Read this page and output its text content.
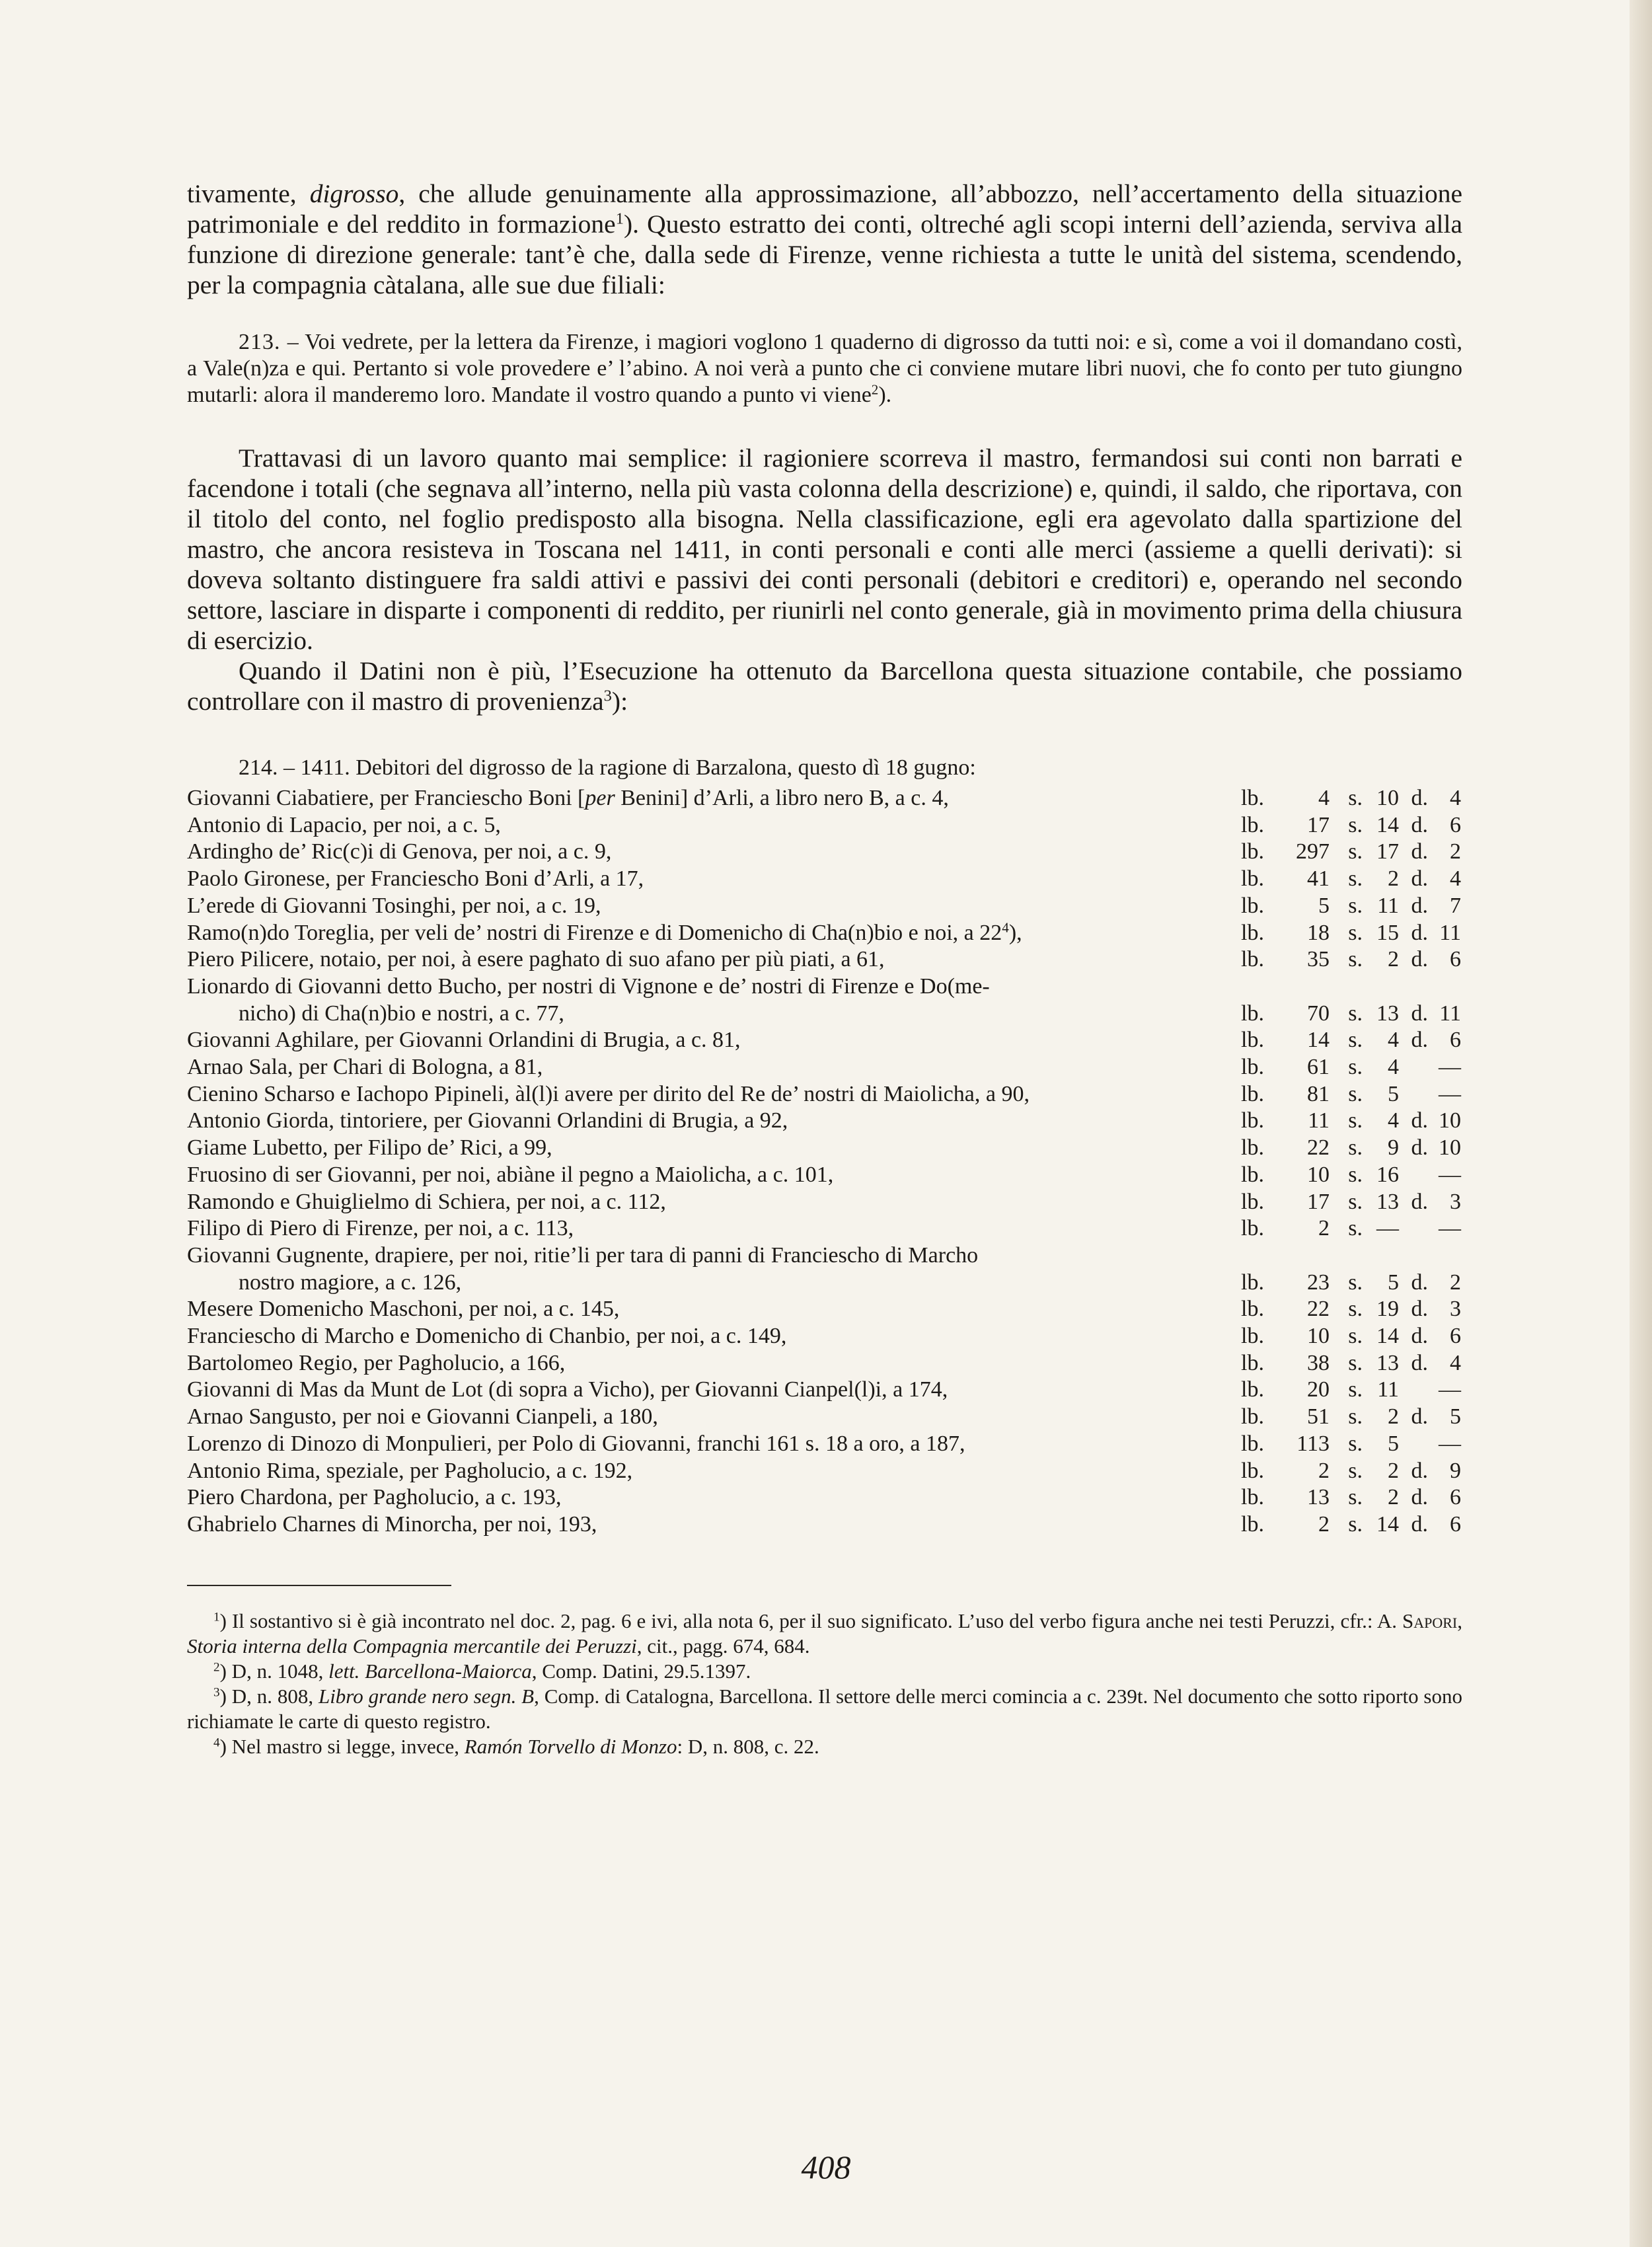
tivamente, digrosso, che allude genuinamente alla approssimazione, all’abbozzo, nell’accertamento della situazione patrimoniale e del reddito in formazione$^1$). Questo estratto dei conti, oltreché agli scopi interni dell’azienda, serviva alla funzione di direzione generale: tant’è che, dalla sede di Firenze, venne richiesta a tutte le unità del sistema, scendendo, per la compagnia càtalana, alle sue due filiali:

213. – Voi vedrete, per la lettera da Firenze, i magiori voglono 1 quaderno di digrosso da tutti noi: e sì, come a voi il domandano costì, a Vale(n)za e qui. Pertanto si vole provedere e’ l’abino. A noi verà a punto che ci conviene mutare libri nuovi, che fo conto per tuto giungno mutarli: alora il manderemo loro. Mandate il vostro quando a punto vi viene$^2$).

Trattavasi di un lavoro quanto mai semplice: il ragioniere scorreva il mastro, fermandosi sui conti non barrati e facendone i totali (che segnava all’interno, nella più vasta colonna della descrizione) e, quindi, il saldo, che riportava, con il titolo del conto, nel foglio predisposto alla bisogna. Nella classificazione, egli era agevolato dalla spartizione del mastro, che ancora resisteva in Toscana nel 1411, in conti personali e conti alle merci (assieme a quelli derivati): si doveva soltanto distinguere fra saldi attivi e passivi dei conti personali (debitori e creditori) e, operando nel secondo settore, lasciare in disparte i componenti di reddito, per riunirli nel conto generale, già in movimento prima della chiusura di esercizio.

Quando il Datini non è più, l’Esecuzione ha ottenuto da Barcellona questa situazione contabile, che possiamo controllare con il mastro di provenienza$^3$):

214. – 1411. Debitori del digrosso de la ragione di Barzalona, questo dì 18 gugno:
Giovanni Ciabatiere, per Franciescho Boni [per Benini] d’Arli, a libro nero B, a c. 4,	lb.	4 s. 10 d. 4
Antonio di Lapacio, per noi, a c. 5,	lb.	17 s. 14 d. 6
Ardingho de’ Ric(c)i di Genova, per noi, a c. 9,	lb.	297 s. 17 d. 2
Paolo Gironese, per Franciescho Boni d’Arli, a 17,	lb.	41 s.	2 d. 4
L’erede di Giovanni Tosinghi, per noi, a c. 19,	lb.	5 s. 11 d. 7
Ramo(n)do Toreglia, per veli de’ nostri di Firenze e di Domenicho di Cha(n)bio e noi, a $22^4$),	lb.	18 s. 15 d. 11
Piero Pilicere, notaio, per noi, à esere paghato di suo afano per più piati, a 61,	lb.	35 s.	2 d. 6
Lionardo di Giovanni detto Bucho, per nostri di Vignone e de’ nostri di Firenze e Do(me-
nicho) di Cha(n)bio e nostri, a c. 77,	lb.	70 s. 13 d. 11
Giovanni Aghilare, per Giovanni Orlandini di Brugia, a c. 81,	lb.	14 s.	4 d. 6
Arnao Sala, per Chari di Bologna, a 81,	lb.	61 s.	4	—
Cienino Scharso e Iachopo Pipineli, àl(l)i avere per dirito del Re de’ nostri di Maiolicha, a 90,	lb.	81 s.	5	—
Antonio Giorda, tintoriere, per Giovanni Orlandini di Brugia, a 92,	lb.	11 s.	4 d. 10
Giame Lubetto, per Filipo de’ Rici, a 99,	lb.	22 s.	9 d. 10
Fruosino di ser Giovanni, per noi, abiàne il pegno a Maiolicha, a c. 101,	lb.	10 s. 16	—
Ramondo e Ghuiglielmo di Schiera, per noi, a c. 112,	lb.	17 s. 13 d. 3
Filipo di Piero di Firenze, per noi, a c. 113,	lb.	2 s. —	—
Giovanni Gugnente, drapiere, per noi, ritie’li per tara di panni di Franciescho di Marcho
nostro magiore, a c. 126,	lb.	23 s.	5 d. 2
Mesere Domenicho Maschoni, per noi, a c. 145,	lb.	22 s. 19 d. 3
Franciescho di Marcho e Domenicho di Chanbio, per noi, a c. 149,	lb.	10 s. 14 d. 6
Bartolomeo Regio, per Pagholucio, a 166,	lb.	38 s. 13 d. 4
Giovanni di Mas da Munt de Lot (di sopra a Vicho), per Giovanni Cianpel(l)i, a 174,	lb.	20 s. 11	—
Arnao Sangusto, per noi e Giovanni Cianpeli, a 180,	lb.	51 s.	2 d. 5
Lorenzo di Dinozo di Monpulieri, per Polo di Giovanni, franchi 161 s. 18 a oro, a 187,	lb.	113 s.	5	—
Antonio Rima, speziale, per Pagholucio, a c. 192,	lb.	2 s.	2 d. 9
Piero Chardona, per Pagholucio, a c. 193,	lb.	13 s.	2 d. 6
Ghabrielo Charnes di Minorcha, per noi, 193,	lb.	2 s. 14 d. 6

$^1$) Il sostantivo si è già incontrato nel doc. 2, pag. 6 e ivi, alla nota 6, per il suo significato. L’uso del verbo figura anche nei testi Peruzzi, cfr.: A. Sapori, Storia interna della Compagnia mercantile dei Peruzzi, cit., pagg. 674, 684.

$^2$) D, n. 1048, lett. Barcellona-Maiorca, Comp. Datini, 29.5.1397.

$^3$) D, n. 808, Libro grande nero segn. B, Comp. di Catalogna, Barcellona. Il settore delle merci comincia a c. 239t. Nel documento che sotto riporto sono richiamate le carte di questo registro.

$^4$) Nel mastro si legge, invece, Ramón Torvello di Monzo: D, n. 808, c. 22.

408
